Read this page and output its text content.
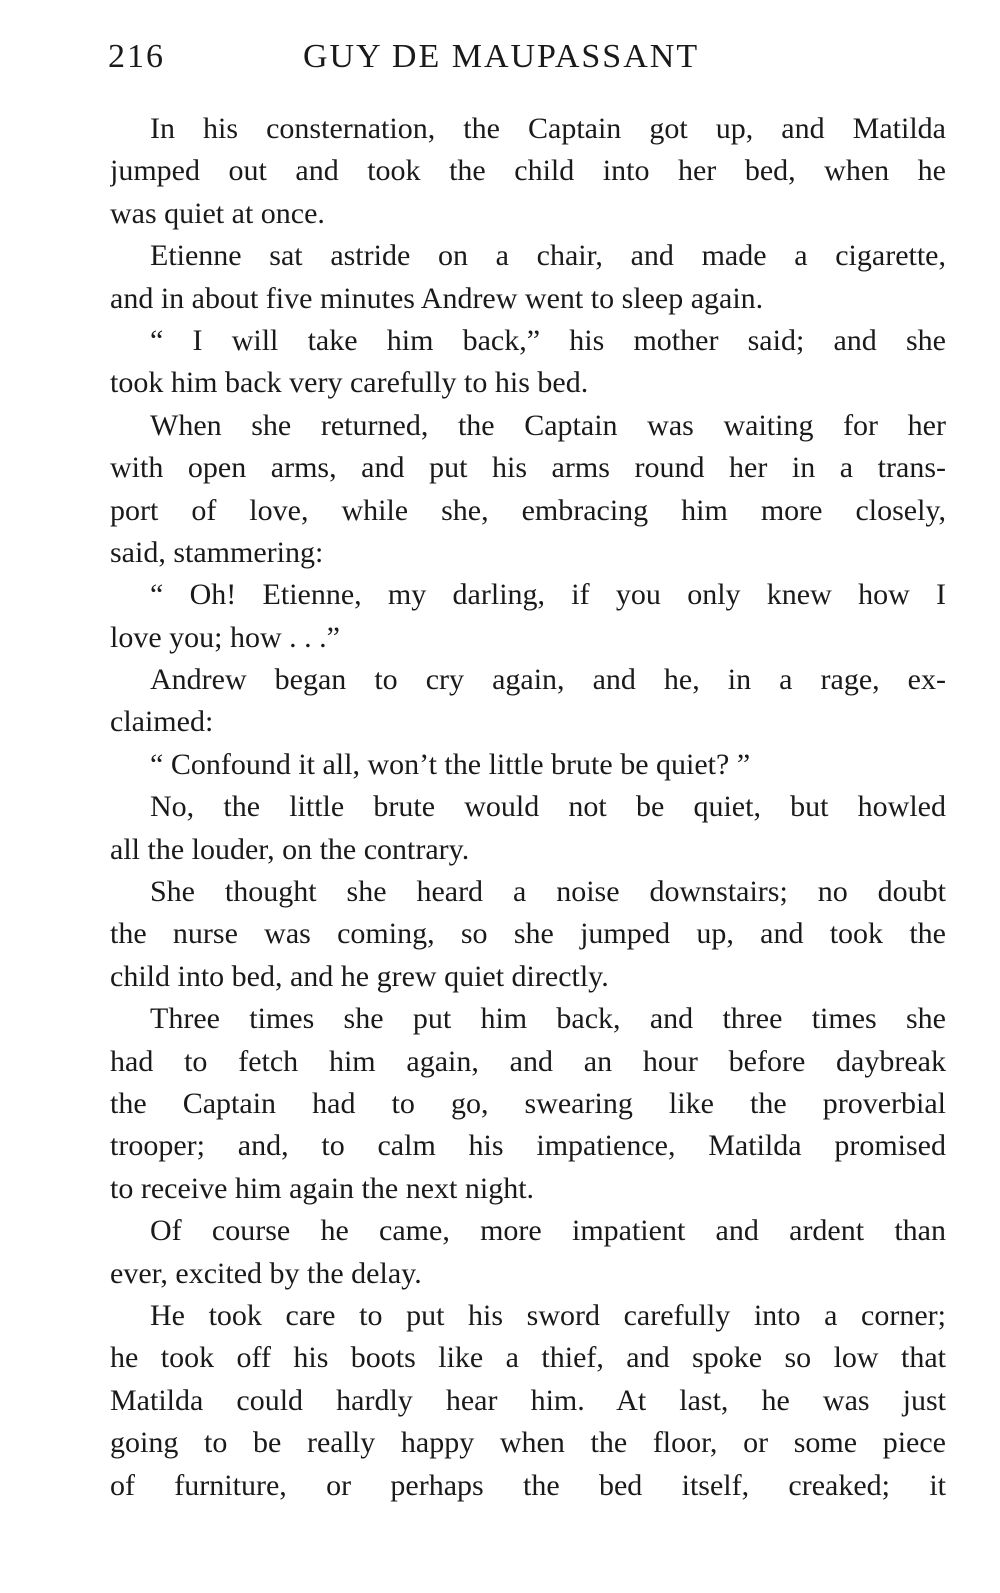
216	GUY DE MAUPASSANT
In his consternation, the Captain got up, and Matilda
jumped out and took the child into her bed, when he
was quiet at once.
Etienne sat astride on a chair, and made a cigarette,
and in about five minutes Andrew went to sleep again.
“ I will take him back,” his mother said; and she
took him back very carefully to his bed.
When she returned, the Captain was waiting for her
with open arms, and put his arms round her in a trans-
port of love, while she, embracing him more closely,
said, stammering:
“ Oh! Etienne, my darling, if you only knew how I
love you; how . . .”
Andrew began to cry again, and he, in a rage, ex-
claimed:
“ Confound it all, won’t the little brute be quiet? ”
No, the little brute would not be quiet, but howled
all the louder, on the contrary.
She thought she heard a noise downstairs; no doubt
the nurse was coming, so she jumped up, and took the
child into bed, and he grew quiet directly.
Three times she put him back, and three times she
had to fetch him again, and an hour before daybreak
the Captain had to go, swearing like the proverbial
trooper; and, to calm his impatience, Matilda promised
to receive him again the next night.
Of course he came, more impatient and ardent than
ever, excited by the delay.
He took care to put his sword carefully into a corner;
he took off his boots like a thief, and spoke so low that
Matilda could hardly hear him. At last, he was just
going to be really happy when the floor, or some piece
of furniture, or perhaps the bed itself, creaked; it
